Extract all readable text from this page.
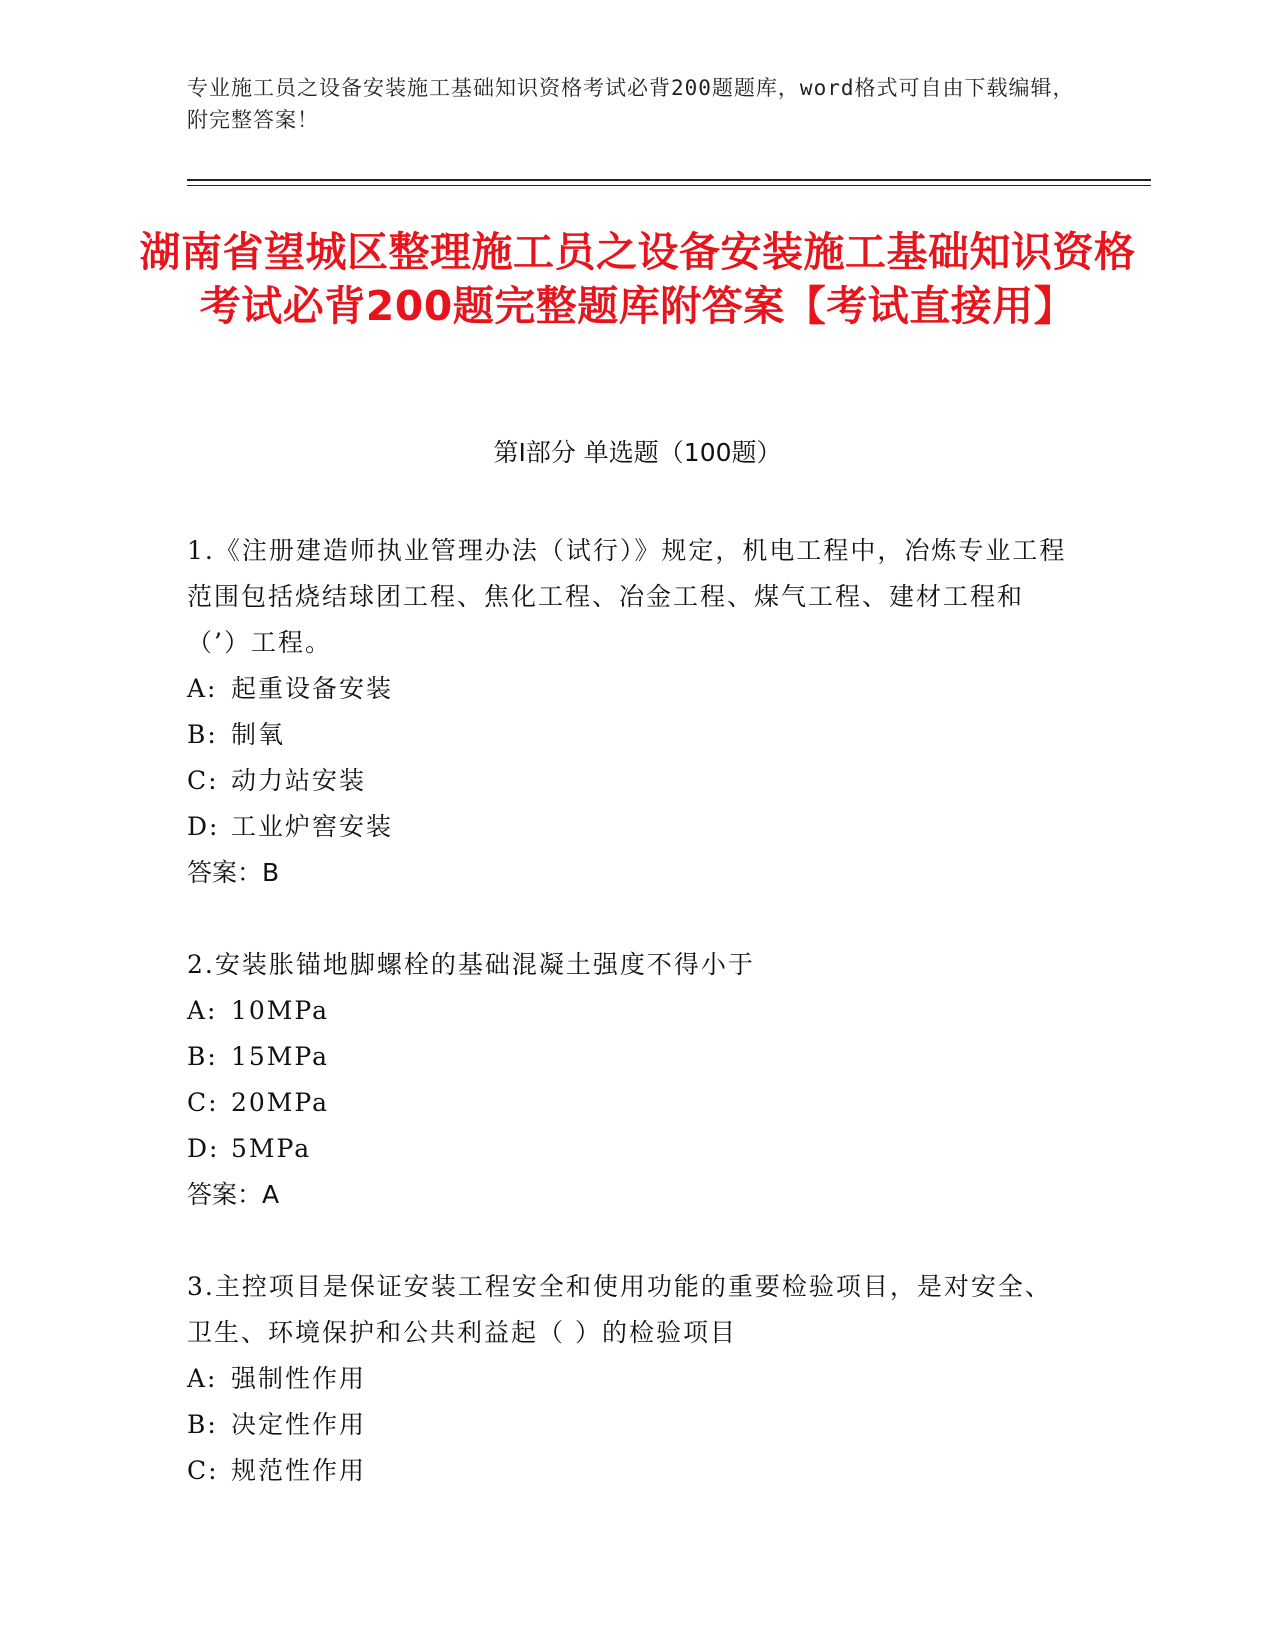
专业施工员之设备安装施工基础知识资格考试必背200题题库，word格式可自由下载编辑，附完整答案！
湖南省望城区整理施工员之设备安装施工基础知识资格考试必背200题完整题库附答案【考试直接用】
第Ⅰ部分 单选题（100题）
1.《注册建造师执业管理办法（试行）》规定，机电工程中，冶炼专业工程范围包括烧结球团工程、焦化工程、冶金工程、煤气工程、建材工程和（’）工程。
A: 起重设备安装
B: 制氧
C: 动力站安装
D: 工业炉窖安装
答案：B
2.安装胀锚地脚螺栓的基础混凝土强度不得小于
A: 10MPa
B: 15MPa
C: 20MPa
D: 5MPa
答案：A
3.主控项目是保证安装工程安全和使用功能的重要检验项目，是对安全、卫生、环境保护和公共利益起（ ）的检验项目
A: 强制性作用
B: 决定性作用
C: 规范性作用
